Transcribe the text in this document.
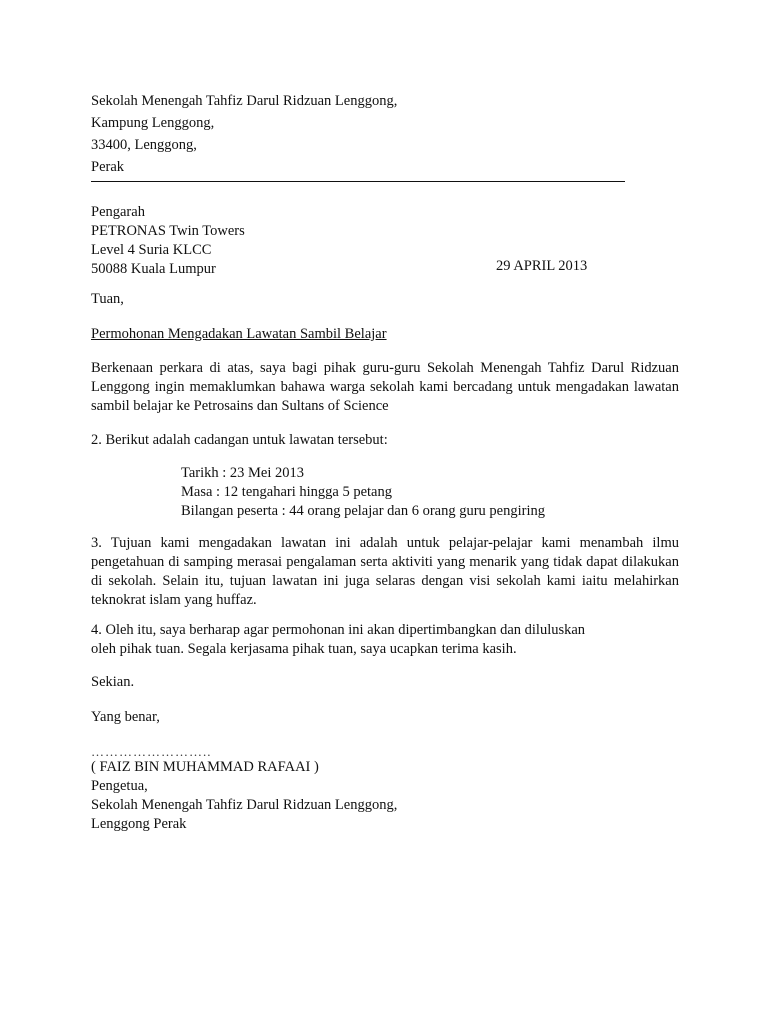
Sekolah Menengah Tahfiz Darul Ridzuan Lenggong,
Kampung Lenggong,
33400, Lenggong,
Perak
Pengarah
PETRONAS Twin Towers
Level 4 Suria KLCC
50088 Kuala Lumpur	29 APRIL 2013
Tuan,
Permohonan Mengadakan Lawatan Sambil Belajar
Berkenaan perkara di atas, saya bagi pihak guru-guru Sekolah Menengah Tahfiz Darul Ridzuan Lenggong ingin memaklumkan bahawa warga sekolah kami bercadang untuk mengadakan lawatan sambil belajar ke Petrosains dan Sultans of Science
2. Berikut adalah cadangan untuk lawatan tersebut:
Tarikh : 23 Mei 2013
Masa : 12 tengahari hingga 5 petang
Bilangan peserta : 44 orang pelajar dan 6 orang guru pengiring
3. Tujuan kami mengadakan lawatan ini adalah untuk pelajar-pelajar kami menambah ilmu pengetahuan di samping merasai pengalaman serta aktiviti yang menarik yang tidak dapat dilakukan di sekolah. Selain itu, tujuan lawatan ini juga selaras dengan visi sekolah kami iaitu melahirkan teknokrat islam yang huffaz.
4. Oleh itu, saya berharap agar permohonan ini akan dipertimbangkan dan diluluskan
oleh pihak tuan. Segala kerjasama pihak tuan, saya ucapkan terima kasih.
Sekian.
Yang benar,
……………………..
( FAIZ BIN MUHAMMAD RAFAAI )
Pengetua,
Sekolah Menengah Tahfiz Darul Ridzuan Lenggong,
Lenggong Perak
